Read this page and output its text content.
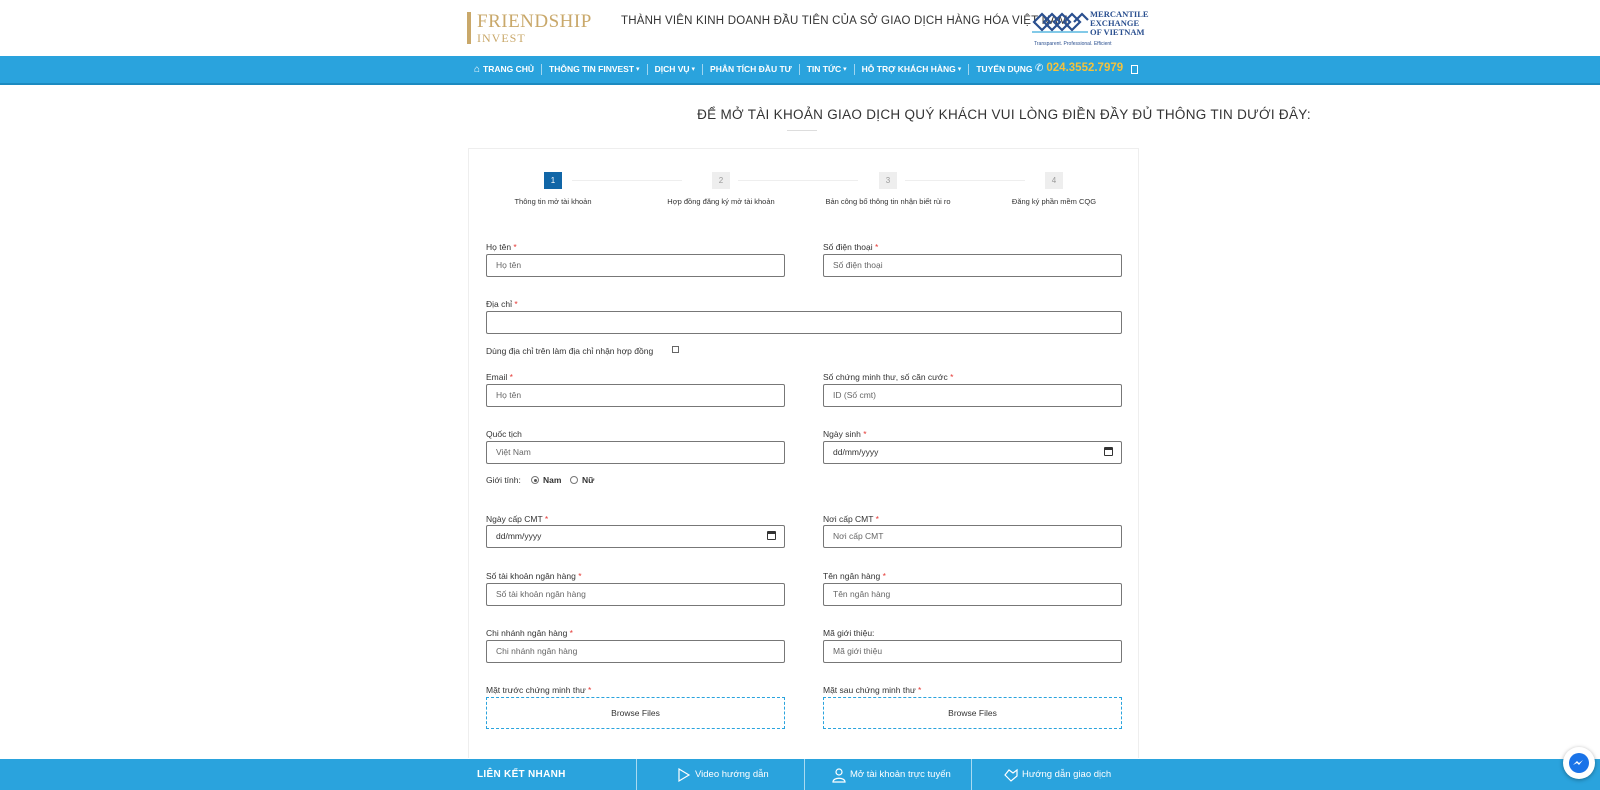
FRIENDSHIP
INVEST
THÀNH VIÊN KINH DOANH ĐẦU TIÊN CỦA SỞ GIAO DỊCH HÀNG HÓA VIỆT NAM
MERCANTILE
EXCHANGE
OF VIETNAM
Transparent. Professional. Efficient
⌂ TRANG CHỦ THÔNG TIN FINVEST ▾ DỊCH VỤ ▾ PHÂN TÍCH ĐẦU TƯ TIN TỨC ▾ HỖ TRỢ KHÁCH HÀNG ▾ TUYỂN DỤNG ✆ 024.3552.7979
ĐỂ MỞ TÀI KHOẢN GIAO DỊCH QUÝ KHÁCH VUI LÒNG ĐIỀN ĐẦY ĐỦ THÔNG TIN DƯỚI ĐÂY:
1	2	3	4
Thông tin mở tài khoản	Hợp đồng đăng ký mở tài khoản	Bản công bố thông tin nhận biết rủi ro	Đăng ký phần mềm CQG
Họ tên *
Họ tên
Số điện thoại *
Số điện thoại
Địa chỉ *
Dùng địa chỉ trên làm địa chỉ nhận hợp đồng
Email *
Họ tên
Số chứng minh thư, số căn cước *
ID (Số cmt)
Quốc tịch
Việt Nam
Ngày sinh *
dd/mm/yyyy
Giới tính:	Nam Nữ
Ngày cấp CMT *
dd/mm/yyyy
Nơi cấp CMT *
Nơi cấp CMT
Số tài khoản ngân hàng *
Số tài khoản ngân hàng
Tên ngân hàng *
Tên ngân hàng
Chi nhánh ngân hàng *
Chi nhánh ngân hàng
Mã giới thiệu:
Mã giới thiệu
Mặt trước chứng minh thư *
Browse Files
Mặt sau chứng minh thư *
Browse Files
LIÊN KẾT NHANH	Video hướng dẫn	Mở tài khoản trực tuyến	Hướng dẫn giao dịch
